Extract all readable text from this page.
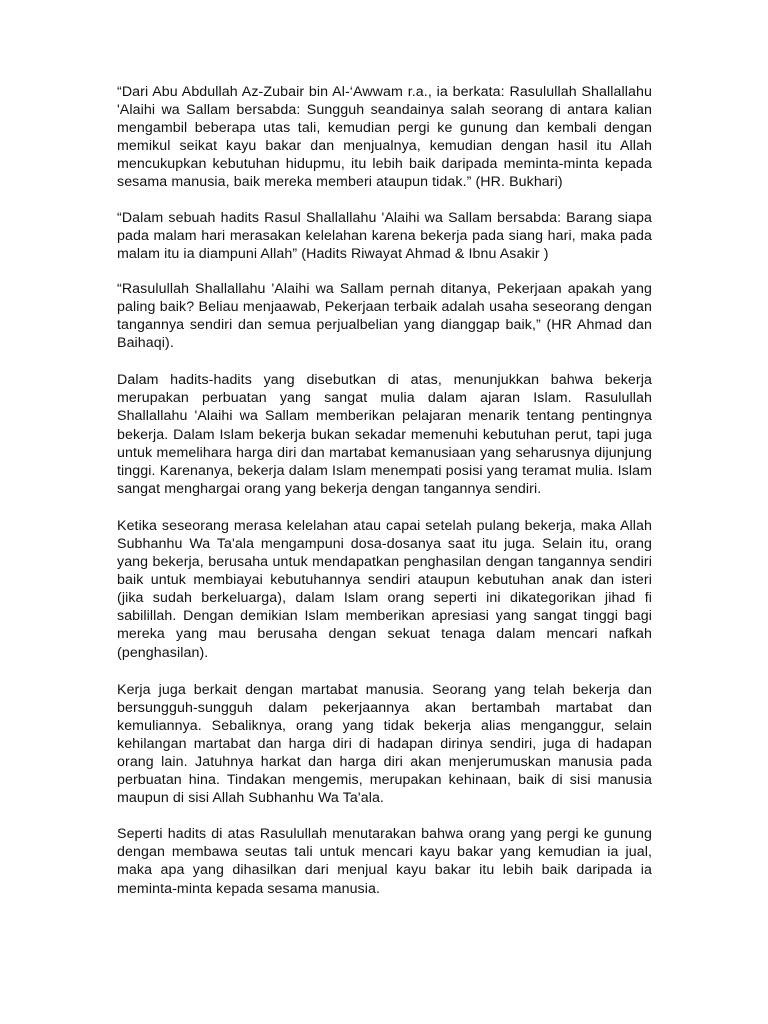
“Dari Abu Abdullah Az-Zubair bin Al-‘Awwam r.a., ia berkata: Rasulullah Shallallahu 'Alaihi wa Sallam bersabda: Sungguh seandainya salah seorang di antara kalian mengambil beberapa utas tali, kemudian pergi ke gunung dan kembali dengan memikul seikat kayu bakar dan menjualnya, kemudian dengan hasil itu Allah mencukupkan kebutuhan hidupmu, itu lebih baik daripada meminta-minta kepada sesama manusia, baik mereka memberi ataupun tidak.” (HR. Bukhari)

“Dalam sebuah hadits Rasul Shallallahu 'Alaihi wa Sallam bersabda: Barang siapa pada malam hari merasakan kelelahan karena bekerja pada siang hari, maka pada malam itu ia diampuni Allah” (Hadits Riwayat Ahmad & Ibnu Asakir )

“Rasulullah Shallallahu 'Alaihi wa Sallam pernah ditanya, Pekerjaan apakah yang paling baik? Beliau menjaawab, Pekerjaan terbaik adalah usaha seseorang dengan tangannya sendiri dan semua perjualbelian yang dianggap baik,” (HR Ahmad dan Baihaqi).

Dalam hadits-hadits yang disebutkan di atas, menunjukkan bahwa bekerja merupakan perbuatan yang sangat mulia dalam ajaran Islam. Rasulullah Shallallahu 'Alaihi wa Sallam memberikan pelajaran menarik tentang pentingnya bekerja. Dalam Islam bekerja bukan sekadar memenuhi kebutuhan perut, tapi juga untuk memelihara harga diri dan martabat kemanusiaan yang seharusnya dijunjung tinggi. Karenanya, bekerja dalam Islam menempati posisi yang teramat mulia. Islam sangat menghargai orang yang bekerja dengan tangannya sendiri.

Ketika seseorang merasa kelelahan atau capai setelah pulang bekerja, maka Allah Subhanhu Wa Ta'ala mengampuni dosa-dosanya saat itu juga. Selain itu, orang yang bekerja, berusaha untuk mendapatkan penghasilan dengan tangannya sendiri baik untuk membiayai kebutuhannya sendiri ataupun kebutuhan anak dan isteri (jika sudah berkeluarga), dalam Islam orang seperti ini dikategorikan jihad fi sabilillah. Dengan demikian Islam memberikan apresiasi yang sangat tinggi bagi mereka yang mau berusaha dengan sekuat tenaga dalam mencari nafkah (penghasilan).

Kerja juga berkait dengan martabat manusia. Seorang yang telah bekerja dan bersungguh-sungguh dalam pekerjaannya akan bertambah martabat dan kemuliannya. Sebaliknya, orang yang tidak bekerja alias menganggur, selain kehilangan martabat dan harga diri di hadapan dirinya sendiri, juga di hadapan orang lain. Jatuhnya harkat dan harga diri akan menjerumuskan manusia pada perbuatan hina. Tindakan mengemis, merupakan kehinaan, baik di sisi manusia maupun di sisi Allah Subhanhu Wa Ta'ala.

Seperti hadits di atas Rasulullah menutarakan bahwa orang yang pergi ke gunung dengan membawa seutas tali untuk mencari kayu bakar yang kemudian ia jual, maka apa yang dihasilkan dari menjual kayu bakar itu lebih baik daripada ia meminta-minta kepada sesama manusia.
